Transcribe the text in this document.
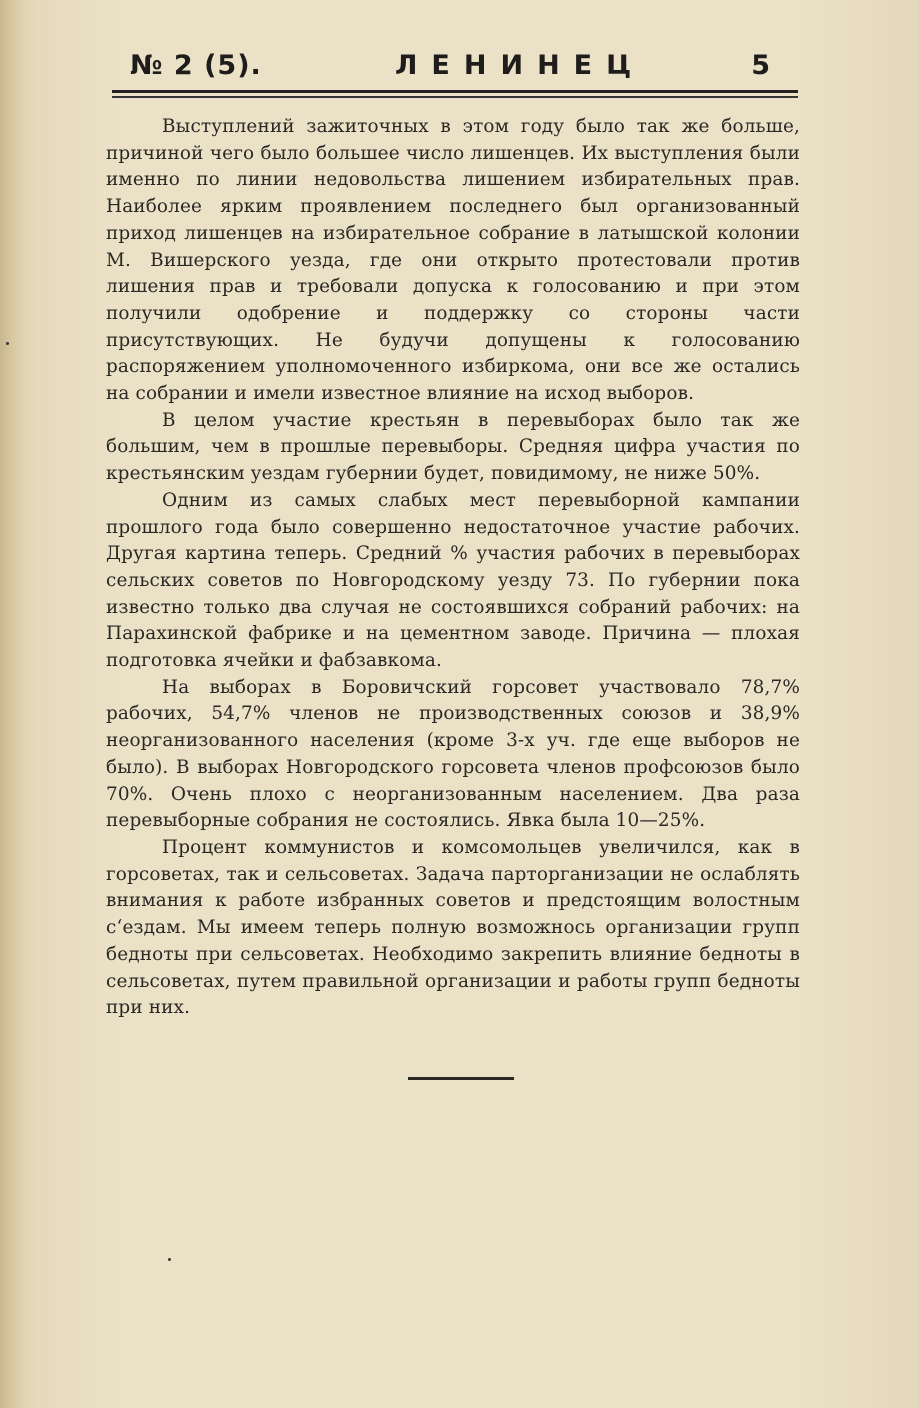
№ 2 (5).	ЛЕНИНЕЦ	5

Выступлений зажиточных в этом году было так же больше, причиной чего было большее число лишенцев. Их выступления были именно по линии недовольства лишением избирательных прав. Наиболее ярким проявлением последнего был организованный приход лишенцев на избирательное собрание в латышской колонии М. Вишерского уезда, где они открыто протестовали против лишения прав и требовали допуска к голосованию и при этом получили одобрение и поддержку со стороны части присутствующих. Не будучи допущены к голосованию распоряжением уполномоченного избиркома, они все же остались на собрании и имели известное влияние на исход выборов.

В целом участие крестьян в перевыборах было так же большим, чем в прошлые перевыборы. Средняя цифра участия по крестьянским уездам губернии будет, повидимому, не ниже 50%.

Одним из самых слабых мест перевыборной кампании прошлого года было совершенно недостаточное участие рабочих. Другая картина теперь. Средний % участия рабочих в перевыборах сельских советов по Новгородскому уезду 73. По губернии пока известно только два случая не состоявшихся собраний рабочих: на Парахинской фабрике и на цементном заводе. Причина — плохая подготовка ячейки и фабзавкома.

На выборах в Боровичский горсовет участвовало 78,7% рабочих, 54,7% членов не производственных союзов и 38,9% неорганизованного населения (кроме 3-х уч. где еще выборов не было). В выборах Новгородского горсовета членов профсоюзов было 70%. Очень плохо с неорганизованным населением. Два раза перевыборные собрания не состоялись. Явка была 10—25%.

Процент коммунистов и комсомольцев увеличился, как в горсоветах, так и сельсоветах. Задача парторганизации не ослаблять внимания к работе избранных советов и предстоящим волостным с‘ездам. Мы имеем теперь полную возможнось организации групп бедноты при сельсоветах. Необходимо закрепить влияние бедноты в сельсоветах, путем правильной организации и работы групп бедноты при них.
